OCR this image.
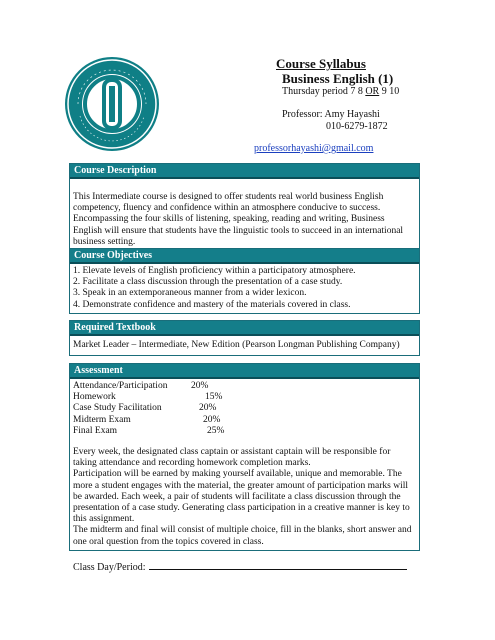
Course Syllabus
Business English (1)
Thursday period 7 8 OR 9 10
Professor: Amy Hayashi
010-6279-1872
professorhayashi@gmail.com
Course Description
This Intermediate course is designed to offer students real world business English competency, fluency and confidence within an atmosphere conducive to success. Encompassing the four skills of listening, speaking, reading and writing, Business English will ensure that students have the linguistic tools to succeed in an international business setting.
Course Objectives
1. Elevate levels of English proficiency within a participatory atmosphere.
2. Facilitate a class discussion through the presentation of a case study.
3. Speak in an extemporaneous manner from a wider lexicon.
4. Demonstrate confidence and mastery of the materials covered in class.
Required Textbook
Market Leader – Intermediate, New Edition (Pearson Longman Publishing Company)
Assessment
Attendance/Participation	20%
Homework	15%
Case Study Facilitation	20%
Midterm Exam	20%
Final Exam	25%
Every week, the designated class captain or assistant captain will be responsible for taking attendance and recording homework completion marks.
Participation will be earned by making yourself available, unique and memorable. The more a student engages with the material, the greater amount of participation marks will be awarded. Each week, a pair of students will facilitate a class discussion through the presentation of a case study. Generating class participation in a creative manner is key to this assignment.
The midterm and final will consist of multiple choice, fill in the blanks, short answer and one oral question from the topics covered in class.
Class Day/Period:
